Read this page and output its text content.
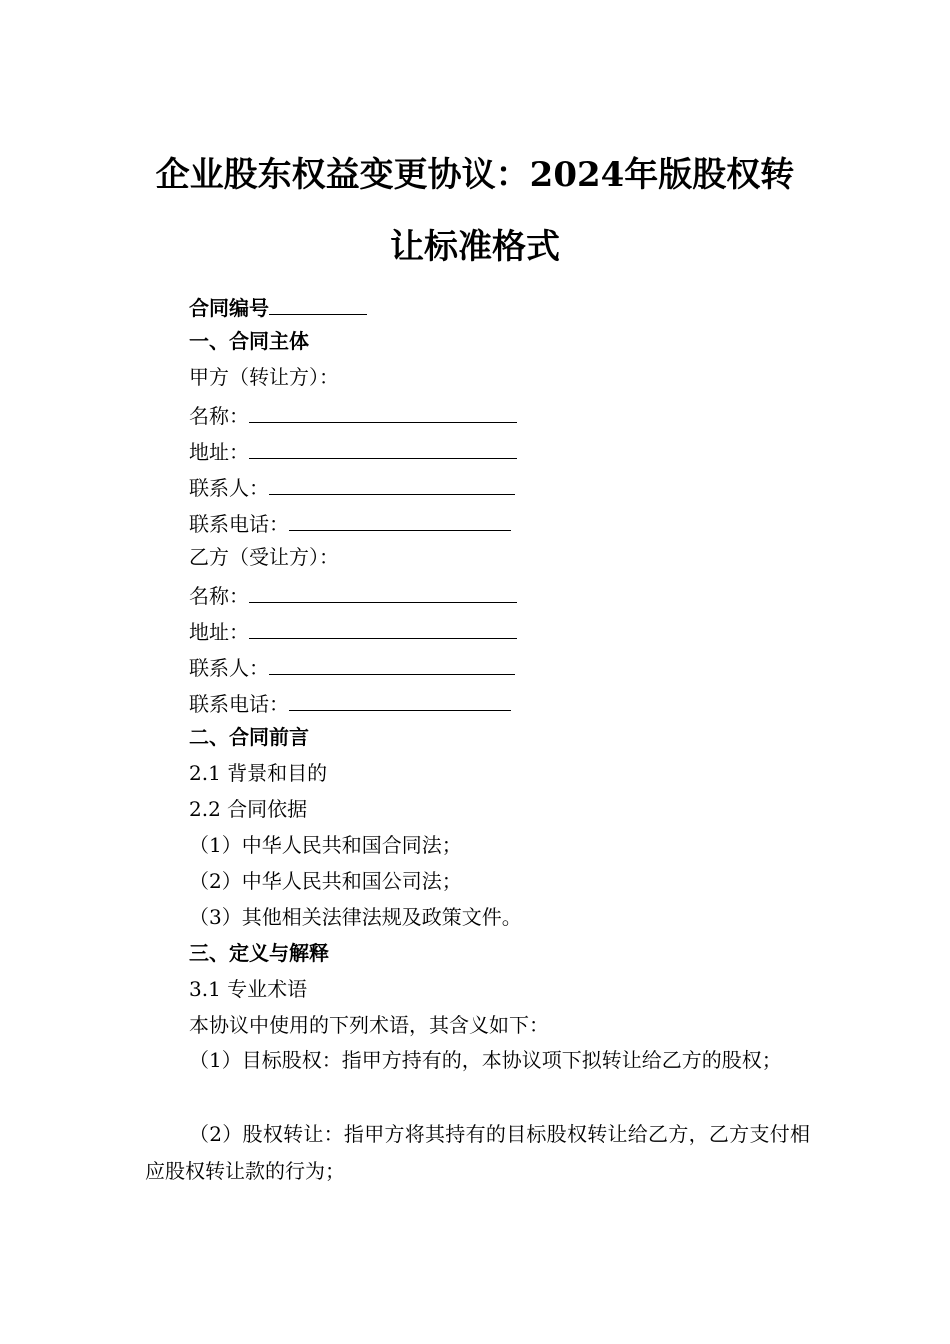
企业股东权益变更协议：2024年版股权转
让标准格式
合同编号
一、合同主体
甲方（转让方）：
名称：
地址：
联系人：
联系电话：
乙方（受让方）：
名称：
地址：
联系人：
联系电话：
二、合同前言
2.1 背景和目的
2.2 合同依据
（1）中华人民共和国合同法；
（2）中华人民共和国公司法；
（3）其他相关法律法规及政策文件。
三、定义与解释
3.1 专业术语
本协议中使用的下列术语，其含义如下：
（1）目标股权：指甲方持有的，本协议项下拟转让给乙方的股权；
（2）股权转让：指甲方将其持有的目标股权转让给乙方，乙方支付相应股权转让款的行为；
